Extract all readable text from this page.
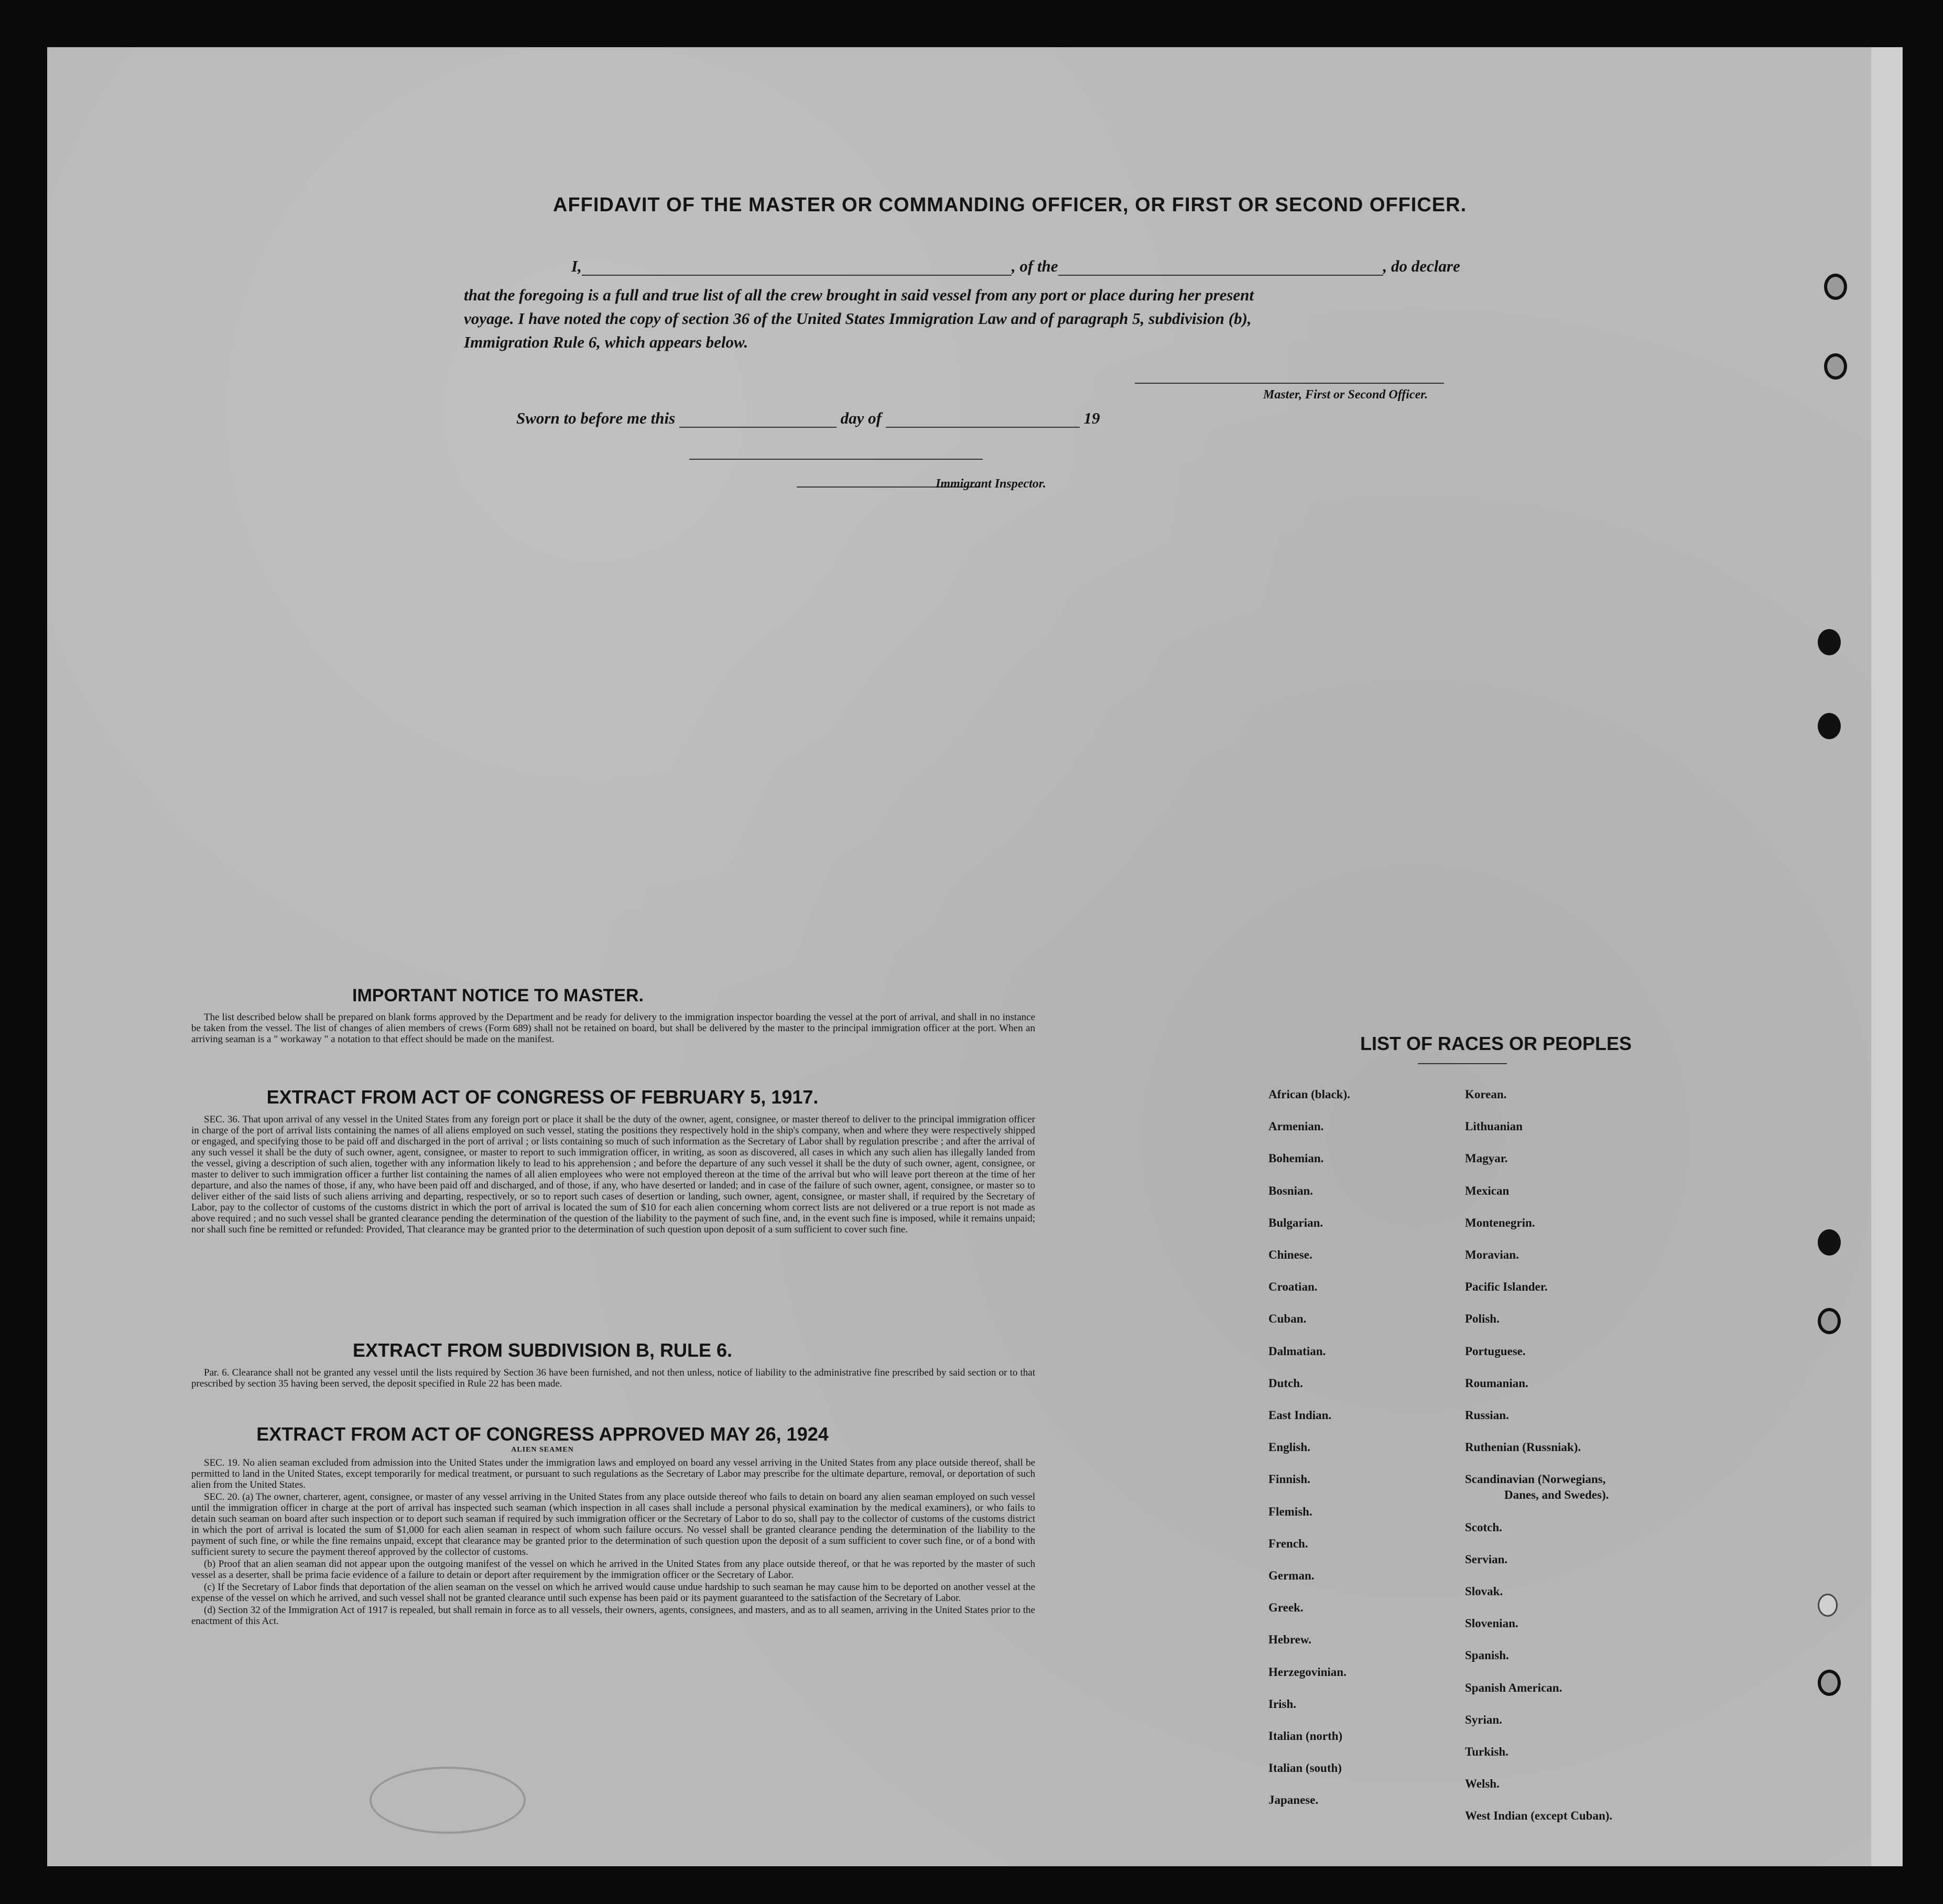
AFFIDAVIT OF THE MASTER OR COMMANDING OFFICER, OR FIRST OR SECOND OFFICER.
I,	, of the	, do declare
that the foregoing is a full and true list of all the crew brought in said vessel from any port or place during her present
voyage. I have noted the copy of section 36 of the United States Immigration Law and of paragraph 5, subdivision (b),
Immigration Rule 6, which appears below.
Master, First or Second Officer.
Sworn to before me this	day of	19
Immigrant Inspector.
IMPORTANT NOTICE TO MASTER.

The list described below shall be prepared on blank forms approved by the Department and be ready for delivery to the immigration inspector boarding the vessel at the port of arrival, and shall in no instance be taken from the vessel. The list of changes of alien members of crews (Form 689) shall not be retained on board, but shall be delivered by the master to the principal immigration officer at the port. When an arriving seaman is a " workaway " a notation to that effect should be made on the manifest.

EXTRACT FROM ACT OF CONGRESS OF FEBRUARY 5, 1917.

SEC. 36. That upon arrival of any vessel in the United States from any foreign port or place it shall be the duty of the owner, agent, consignee, or master thereof to deliver to the principal immigration officer in charge of the port of arrival lists containing the names of all aliens employed on such vessel, stating the positions they respectively hold in the ship's company, when and where they were respectively shipped or engaged, and specifying those to be paid off and discharged in the port of arrival ; or lists containing so much of such information as the Secretary of Labor shall by regulation prescribe ; and after the arrival of any such vessel it shall be the duty of such owner, agent, consignee, or master to report to such immigration officer, in writing, as soon as discovered, all cases in which any such alien has illegally landed from the vessel, giving a description of such alien, together with any information likely to lead to his apprehension ; and before the departure of any such vessel it shall be the duty of such owner, agent, consignee, or master to deliver to such immigration officer a further list containing the names of all alien employees who were not employed thereon at the time of the arrival but who will leave port thereon at the time of her departure, and also the names of those, if any, who have been paid off and discharged, and of those, if any, who have deserted or landed; and in case of the failure of such owner, agent, consignee, or master so to deliver either of the said lists of such aliens arriving and departing, respectively, or so to report such cases of desertion or landing, such owner, agent, consignee, or master shall, if required by the Secretary of Labor, pay to the collector of customs of the customs district in which the port of arrival is located the sum of $10 for each alien concerning whom correct lists are not delivered or a true report is not made as above required ; and no such vessel shall be granted clearance pending the determination of the question of the liability to the payment of such fine, and, in the event such fine is imposed, while it remains unpaid; nor shall such fine be remitted or refunded: Provided, That clearance may be granted prior to the determination of such question upon deposit of a sum sufficient to cover such fine.

EXTRACT FROM SUBDIVISION B, RULE 6.

Par. 6. Clearance shall not be granted any vessel until the lists required by Section 36 have been furnished, and not then unless, notice of liability to the administrative fine prescribed by said section or to that prescribed by section 35 having been served, the deposit specified in Rule 22 has been made.

EXTRACT FROM ACT OF CONGRESS APPROVED MAY 26, 1924
ALIEN SEAMEN

SEC. 19. No alien seaman excluded from admission into the United States under the immigration laws and employed on board any vessel arriving in the United States from any place outside thereof, shall be permitted to land in the United States, except temporarily for medical treatment, or pursuant to such regulations as the Secretary of Labor may prescribe for the ultimate departure, removal, or deportation of such alien from the United States.

SEC. 20. (a) The owner, charterer, agent, consignee, or master of any vessel arriving in the United States from any place outside thereof who fails to detain on board any alien seaman employed on such vessel until the immigration officer in charge at the port of arrival has inspected such seaman (which inspection in all cases shall include a personal physical examination by the medical examiners), or who fails to detain such seaman on board after such inspection or to deport such seaman if required by such immigration officer or the Secretary of Labor to do so, shall pay to the collector of customs of the customs district in which the port of arrival is located the sum of $1,000 for each alien seaman in respect of whom such failure occurs. No vessel shall be granted clearance pending the determination of the liability to the payment of such fine, or while the fine remains unpaid, except that clearance may be granted prior to the determination of such question upon the deposit of a sum sufficient to cover such fine, or of a bond with sufficient surety to secure the payment thereof approved by the collector of customs.

(b) Proof that an alien seaman did not appear upon the outgoing manifest of the vessel on which he arrived in the United States from any place outside thereof, or that he was reported by the master of such vessel as a deserter, shall be prima facie evidence of a failure to detain or deport after requirement by the immigration officer or the Secretary of Labor.

(c) If the Secretary of Labor finds that deportation of the alien seaman on the vessel on which he arrived would cause undue hardship to such seaman he may cause him to be deported on another vessel at the expense of the vessel on which he arrived, and such vessel shall not be granted clearance until such expense has been paid or its payment guaranteed to the satisfaction of the Secretary of Labor.

(d) Section 32 of the Immigration Act of 1917 is repealed, but shall remain in force as to all vessels, their owners, agents, consignees, and masters, and as to all seamen, arriving in the United States prior to the enactment of this Act.

LIST OF RACES OR PEOPLES
African (black).
Armenian.
Bohemian.
Bosnian.
Bulgarian.
Chinese.
Croatian.
Cuban.
Dalmatian.
Dutch.
East Indian.
English.
Finnish.
Flemish.
French.
German.
Greek.
Hebrew.
Herzegovinian.
Irish.
Italian (north)
Italian (south)
Japanese.
Korean.
Lithuanian
Magyar.
Mexican
Montenegrin.
Moravian.
Pacific Islander.
Polish.
Portuguese.
Roumanian.
Russian.
Ruthenian (Russniak).
Scandinavian (Norwegians,
Danes, and Swedes).
Scotch.
Servian.
Slovak.
Slovenian.
Spanish.
Spanish American.
Syrian.
Turkish.
Welsh.
West Indian (except Cuban).
